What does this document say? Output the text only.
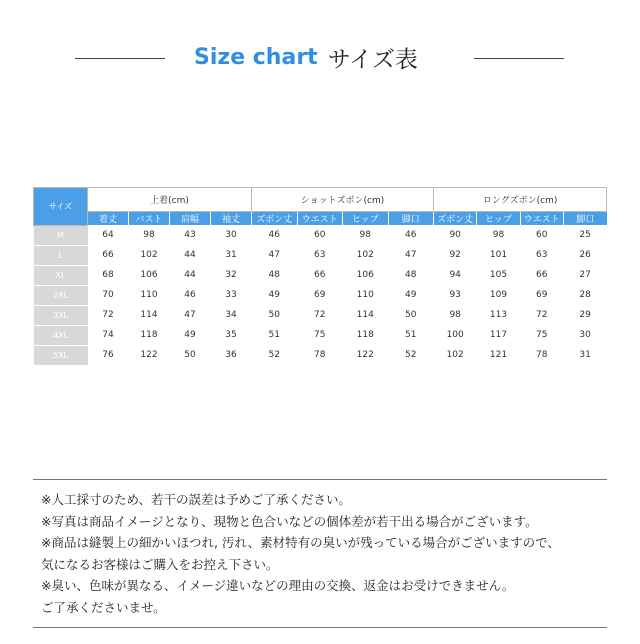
Size chart サイズ表
サイズ	上着(cm)				ショットズボン(cm)				ロングズボン(cm)			
	着丈	バスト	肩幅	袖丈	ズボン丈	ウエスト	ヒップ	脚口	ズボン丈	ヒップ	ウエスト	脚口
M	64	98	43	30	46	60	98	46	90	98	60	25
L	66	102	44	31	47	63	102	47	92	101	63	26
XL	68	106	44	32	48	66	106	48	94	105	66	27
2XL	70	110	46	33	49	69	110	49	93	109	69	28
3XL	72	114	47	34	50	72	114	50	98	113	72	29
4XL	74	118	49	35	51	75	118	51	100	117	75	30
5XL	76	122	50	36	52	78	122	52	102	121	78	31
※人工採寸のため、若干の誤差は予めご了承ください。
※写真は商品イメージとなり、現物と色合いなどの個体差が若干出る場合がございます。
※商品は縫製上の細かいほつれ, 汚れ、素材特有の臭いが残っている場合がございますので、
気になるお客様はご購入をお控え下さい。
※臭い、色味が異なる、イメージ違いなどの理由の交換、返金はお受けできません。
ご了承くださいませ。
